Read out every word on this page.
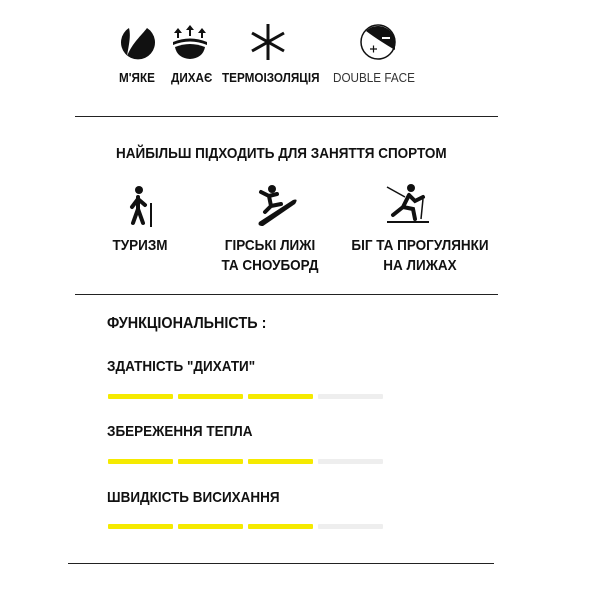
М'ЯКЕ ДИХАЄ ТЕРМОІЗОЛЯЦІЯ DOUBLE FACE
НАЙБІЛЬШ ПІДХОДИТЬ ДЛЯ ЗАНЯТТЯ СПОРТОМ
ТУРИЗМ	ГІРСЬКІ ЛИЖІ
ТА СНОУБОРД
БІГ ТА ПРОГУЛЯНКИ
НА ЛИЖАХ
ФУНКЦІОНАЛЬНІСТЬ :
ЗДАТНІСТЬ "ДИХАТИ"
ЗБЕРЕЖЕННЯ ТЕПЛА
ШВИДКІСТЬ ВИСИХАННЯ
